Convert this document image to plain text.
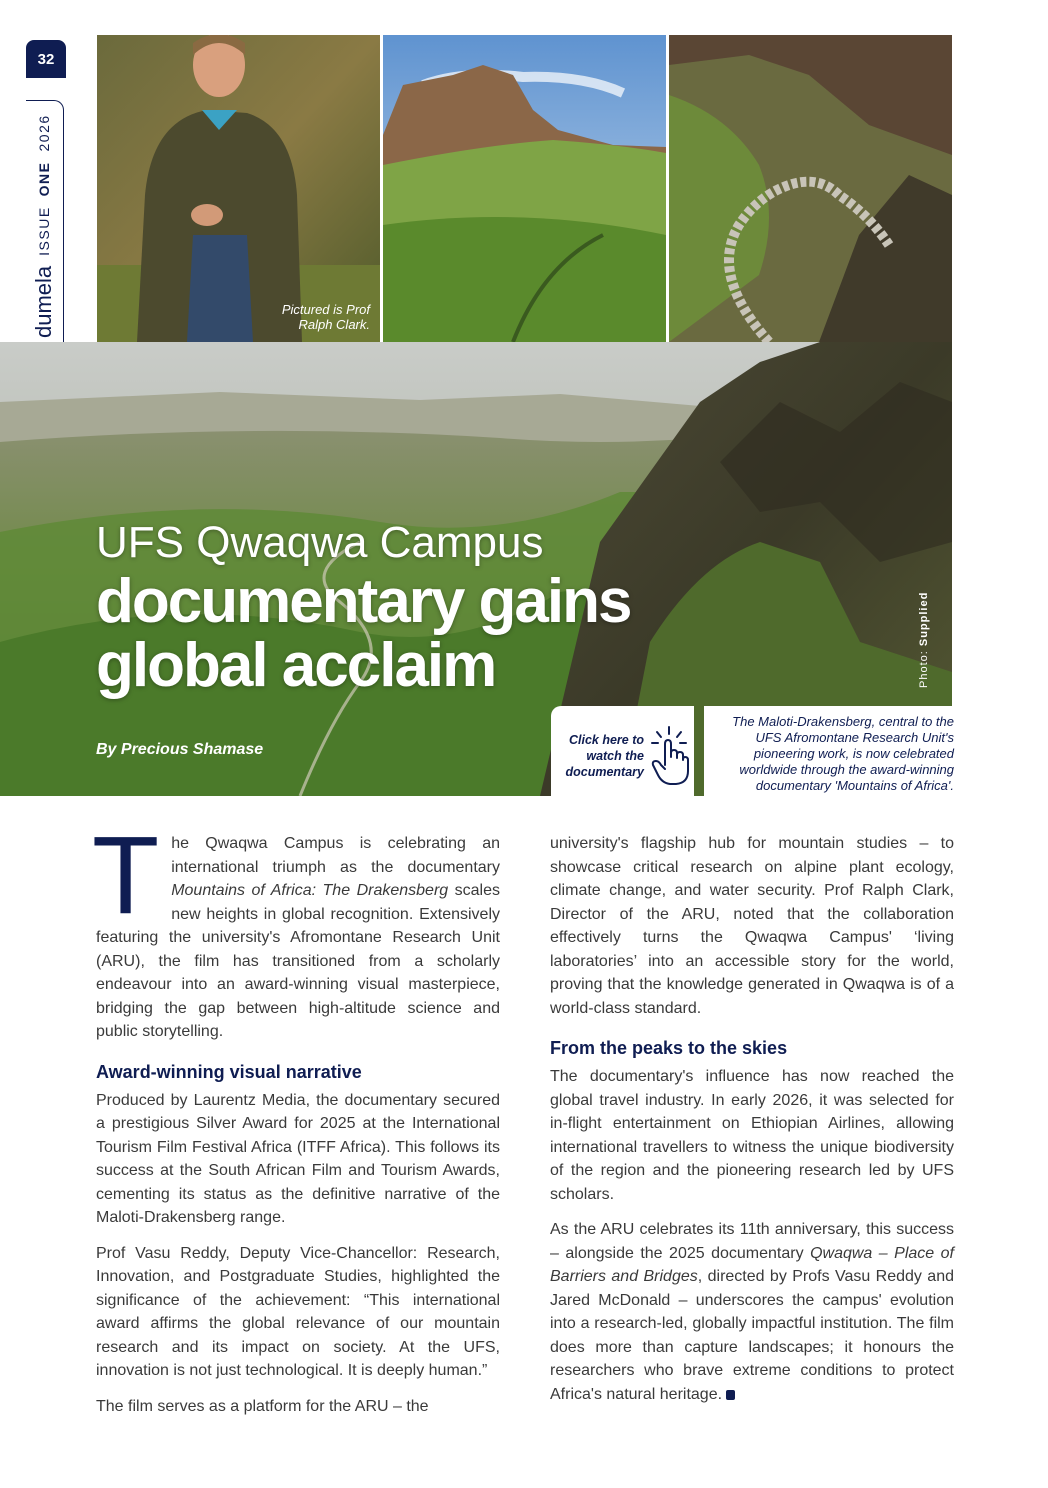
32
dumela
ISSUE
ONE
2026
Pictured is Prof
Ralph Clark.
UFS Qwaqwa Campus
documentary gains
global acclaim
By Precious Shamase
Photo: Supplied
Click here to
watch the
documentary
The Maloti-Drakensberg, central to the UFS Afromontane Research Unit's pioneering work, is now celebrated worldwide through the award-winning documentary 'Mountains of Africa'.

The Qwaqwa Campus is celebrating an international triumph as the documentary Mountains of Africa: The Drakensberg scales new heights in global recognition. Extensively featuring the university's Afromontane Research Unit (ARU), the film has transitioned from a scholarly endeavour into an award-winning visual masterpiece, bridging the gap between high-altitude science and public storytelling.

Award-winning visual narrative

Produced by Laurentz Media, the documentary secured a prestigious Silver Award for 2025 at the International Tourism Film Festival Africa (ITFF Africa). This follows its success at the South African Film and Tourism Awards, cementing its status as the definitive narrative of the Maloti-Drakensberg range.

Prof Vasu Reddy, Deputy Vice-Chancellor: Research, Innovation, and Postgraduate Studies, highlighted the significance of the achievement: “This international award affirms the global relevance of our mountain research and its impact on society. At the UFS, innovation is not just technological. It is deeply human.”

The film serves as a platform for the ARU – the

university's flagship hub for mountain studies – to showcase critical research on alpine plant ecology, climate change, and water security. Prof Ralph Clark, Director of the ARU, noted that the collaboration effectively turns the Qwaqwa Campus' ‘living laboratories’ into an accessible story for the world, proving that the knowledge generated in Qwaqwa is of a world-class standard.

From the peaks to the skies

The documentary's influence has now reached the global travel industry. In early 2026, it was selected for in-flight entertainment on Ethiopian Airlines, allowing international travellers to witness the unique biodiversity of the region and the pioneering research led by UFS scholars.

As the ARU celebrates its 11th anniversary, this success – alongside the 2025 documentary Qwaqwa – Place of Barriers and Bridges, directed by Profs Vasu Reddy and Jared McDonald – underscores the campus' evolution into a research-led, globally impactful institution. The film does more than capture landscapes; it honours the researchers who brave extreme conditions to protect Africa's natural heritage.
